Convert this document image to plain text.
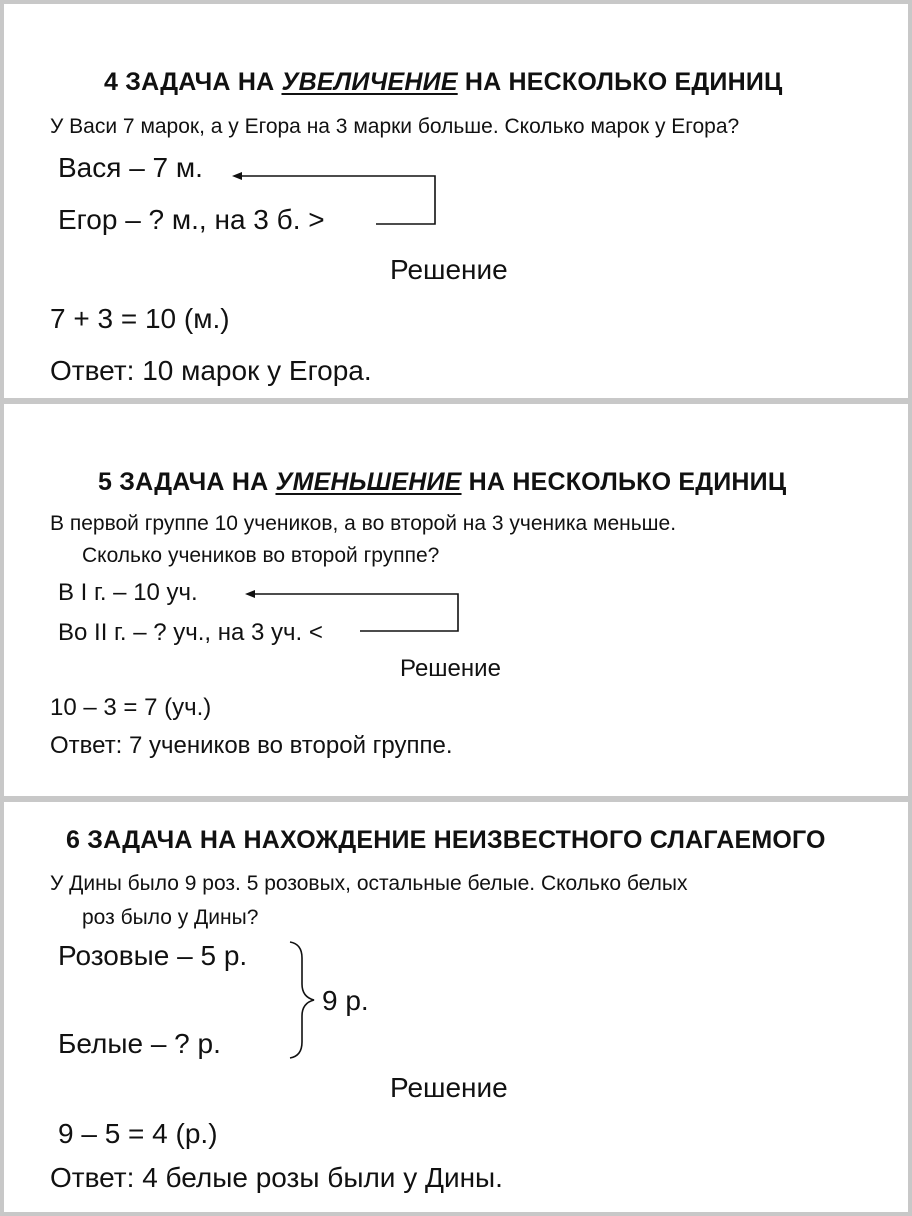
4 ЗАДАЧА НА УВЕЛИЧЕНИЕ НА НЕСКОЛЬКО ЕДИНИЦ
У Васи 7 марок, а у Егора на 3 марки больше. Сколько марок у Егора?
Вася – 7 м.
Егор – ? м., на 3 б. >
Решение
7 + 3 = 10 (м.)
Ответ: 10 марок у Егора.
5 ЗАДАЧА НА УМЕНЬШЕНИЕ НА НЕСКОЛЬКО ЕДИНИЦ
В первой группе 10 учеников, а во второй на 3 ученика меньше.
Сколько учеников во второй группе?
В I г. – 10 уч.
Во II г. – ? уч., на 3 уч. <
Решение
10 – 3 = 7 (уч.)
Ответ: 7 учеников во второй группе.
6 ЗАДАЧА НА НАХОЖДЕНИЕ НЕИЗВЕСТНОГО СЛАГАЕМОГО
У Дины было 9 роз. 5 розовых, остальные белые. Сколько белых
роз было у Дины?
Розовые – 5 р.
Белые – ? р.
9 р.
Решение
9 – 5 = 4 (р.)
Ответ: 4 белые розы были у Дины.
